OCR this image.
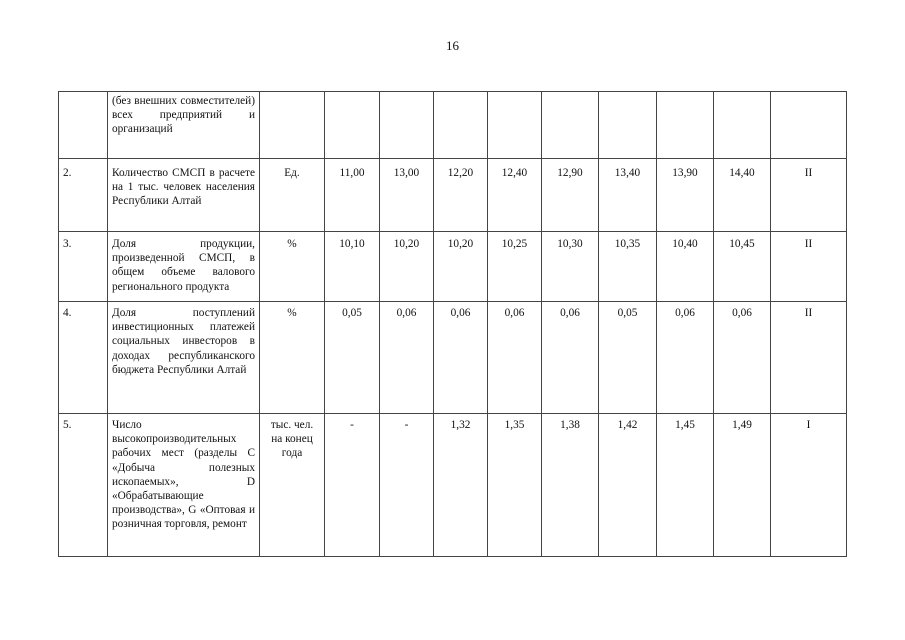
16
	(без внешних совместителей) всех предприятий и организаций										
2.	Количество СМСП в расчете на 1 тыс. человек населения Республики Алтай	Ед.	11,00	13,00	12,20	12,40	12,90	13,40	13,90	14,40	II
3.	Доля продукции, произведенной СМСП, в общем объеме валового регионального продукта	%	10,10	10,20	10,20	10,25	10,30	10,35	10,40	10,45	II
4.	Доля поступлений инвестиционных платежей социальных инвесторов в доходах республиканского бюджета Республики Алтай	%	0,05	0,06	0,06	0,06	0,06	0,05	0,06	0,06	II
5.	Число высокопроизводительных рабочих мест (разделы С «Добыча полезных ископаемых», D «Обрабатывающие производства», G «Оптовая и розничная торговля, ремонт	тыс. чел. на конец года	-	-	1,32	1,35	1,38	1,42	1,45	1,49	I
